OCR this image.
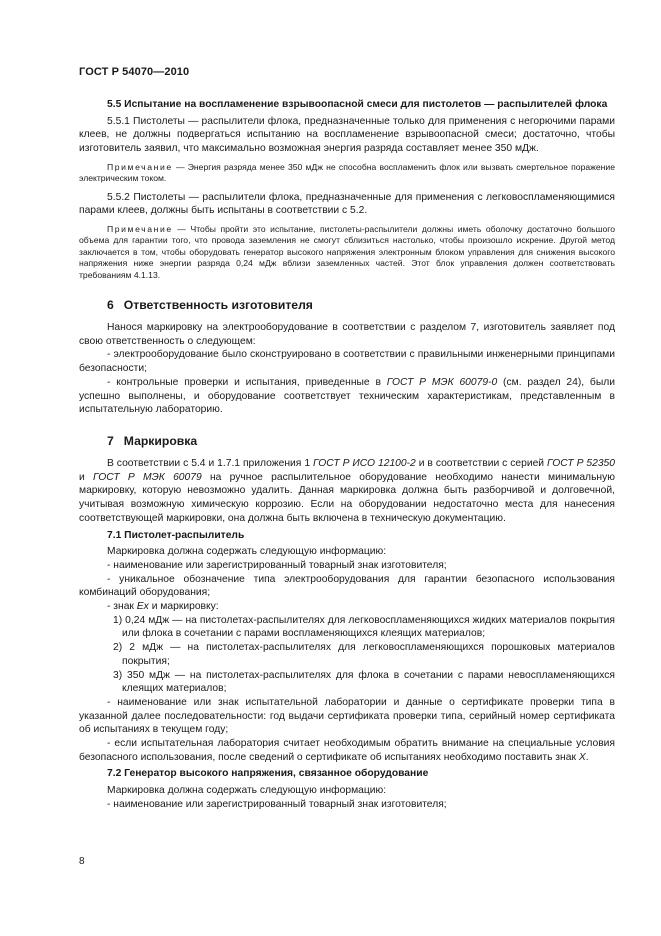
ГОСТ Р 54070—2010

5.5 Испытание на воспламенение взрывоопасной смеси для пистолетов — распылителей флока

5.5.1 Пистолеты — распылители флока, предназначенные только для применения с негорючими парами клеев, не должны подвергаться испытанию на воспламенение взрывоопасной смеси; достаточно, чтобы изготовитель заявил, что максимально возможная энергия разряда составляет менее 350 мДж.

Примечание — Энергия разряда менее 350 мДж не способна воспламенить флок или вызвать смертельное поражение электрическим током.

5.5.2 Пистолеты — распылители флока, предназначенные для применения с легковоспламеняющимися парами клеев, должны быть испытаны в соответствии с 5.2.

Примечание — Чтобы пройти это испытание, пистолеты-распылители должны иметь оболочку достаточно большого объема для гарантии того, что провода заземления не смогут сблизиться настолько, чтобы произошло искрение. Другой метод заключается в том, чтобы оборудовать генератор высокого напряжения электронным блоком управления для снижения высокого напряжения ниже энергии разряда 0,24 мДж вблизи заземленных частей. Этот блок управления должен соответствовать требованиям 4.1.13.

6 Ответственность изготовителя

Нанося маркировку на электрооборудование в соответствии с разделом 7, изготовитель заявляет под свою ответственность о следующем:

- электрооборудование было сконструировано в соответствии с правильными инженерными принципами безопасности;

- контрольные проверки и испытания, приведенные в ГОСТ Р МЭК 60079-0 (см. раздел 24), были успешно выполнены, и оборудование соответствует техническим характеристикам, представленным в испытательную лабораторию.

7 Маркировка

В соответствии с 5.4 и 1.7.1 приложения 1 ГОСТ Р ИСО 12100-2 и в соответствии с серией ГОСТ Р 52350 и ГОСТ Р МЭК 60079 на ручное распылительное оборудование необходимо нанести минимальную маркировку, которую невозможно удалить. Данная маркировка должна быть разборчивой и долговечной, учитывая возможную химическую коррозию. Если на оборудовании недостаточно места для нанесения соответствующей маркировки, она должна быть включена в техническую документацию.

7.1 Пистолет-распылитель

Маркировка должна содержать следующую информацию:

- наименование или зарегистрированный товарный знак изготовителя;

- уникальное обозначение типа электрооборудования для гарантии безопасного использования комбинаций оборудования;

- знак Ex и маркировку:

1) 0,24 мДж — на пистолетах-распылителях для легковоспламеняющихся жидких материалов покрытия или флока в сочетании с парами воспламеняющихся клеящих материалов;

2) 2 мДж — на пистолетах-распылителях для легковоспламеняющихся порошковых материалов покрытия;

3) 350 мДж — на пистолетах-распылителях для флока в сочетании с парами невоспламеняющихся клеящих материалов;

- наименование или знак испытательной лаборатории и данные о сертификате проверки типа в указанной далее последовательности: год выдачи сертификата проверки типа, серийный номер сертификата об испытаниях в текущем году;

- если испытательная лаборатория считает необходимым обратить внимание на специальные условия безопасного использования, после сведений о сертификате об испытаниях необходимо поставить знак X.

7.2 Генератор высокого напряжения, связанное оборудование

Маркировка должна содержать следующую информацию:

- наименование или зарегистрированный товарный знак изготовителя;

8
